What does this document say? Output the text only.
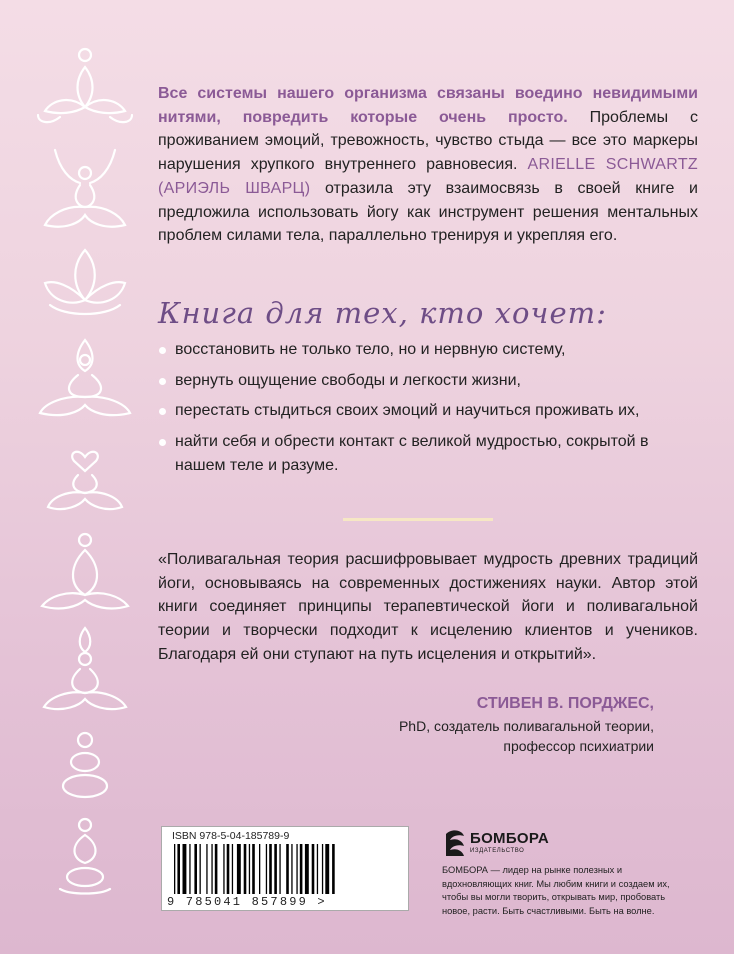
Все системы нашего организма связаны воедино невидимыми нитями, повредить которые очень просто. Проблемы с проживанием эмоций, тревожность, чувство стыда — все это маркеры нарушения хрупкого внутреннего равновесия. ARIELLE SCHWARTZ (АРИЭЛЬ ШВАРЦ) отразила эту взаимосвязь в своей книге и предложила использовать йогу как инструмент решения ментальных проблем силами тела, параллельно тренируя и укрепляя его.
Книга для тех, кто хочет:
восстановить не только тело, но и нервную систему,
вернуть ощущение свободы и легкости жизни,
перестать стыдиться своих эмоций и научиться проживать их,
найти себя и обрести контакт с великой мудростью, сокрытой в нашем теле и разуме.
«Поливагальная теория расшифровывает мудрость древних традиций йоги, основываясь на современных достижениях науки. Автор этой книги соединяет принципы терапевтической йоги и поливагальной теории и творчески подходит к исцелению клиентов и учеников. Благодаря ей они ступают на путь исцеления и открытий».
СТИВЕН В. ПОРДЖЕС,
PhD, создатель поливагальной теории,
профессор психиатрии
ISBN 978-5-04-185789-9
9 785041 857899 >
БОМБОРА
ИЗДАТЕЛЬСТВО
БОМБОРА — лидер на рынке полезных и вдохновляющих книг. Мы любим книги и создаем их, чтобы вы могли творить, открывать мир, пробовать новое, расти. Быть счастливыми. Быть на волне.
